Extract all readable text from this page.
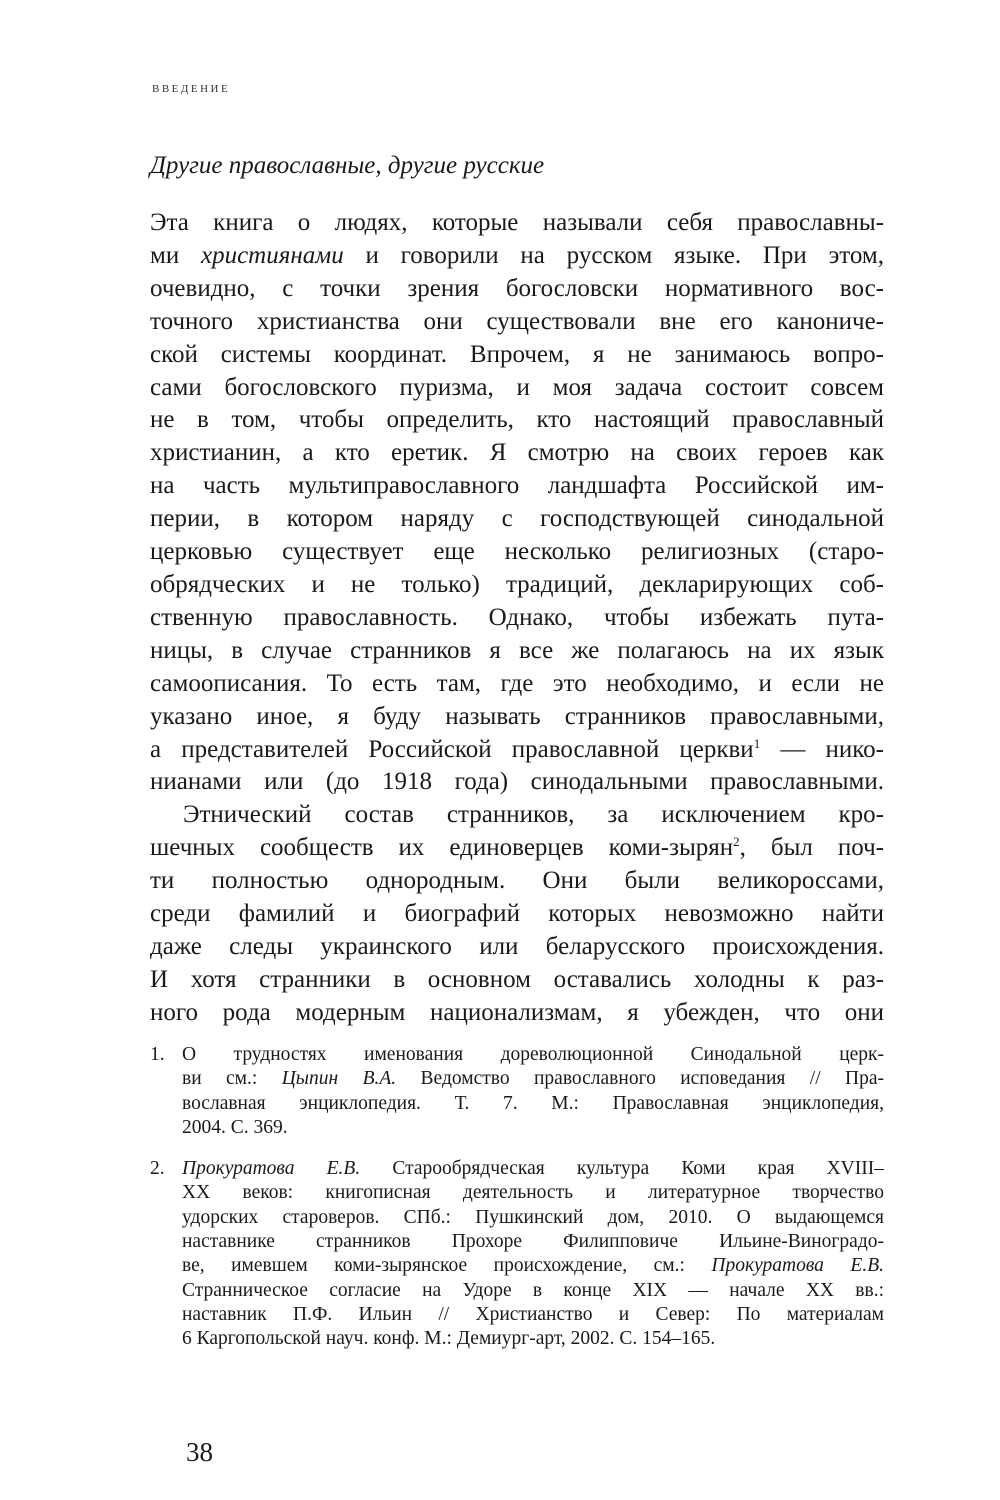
ВВЕДЕНИЕ
Другие православные, другие русские
Эта книга о людях, которые называли себя православны-
ми християнами и говорили на русском языке. При этом,
очевидно, с точки зрения богословски нормативного вос-
точного христианства они существовали вне его канониче-
ской системы координат. Впрочем, я не занимаюсь вопро-
сами богословского пуризма, и моя задача состоит совсем
не в том, чтобы определить, кто настоящий православный
христианин, а кто еретик. Я смотрю на своих героев как
на часть мультиправославного ландшафта Российской им-
перии, в котором наряду с господствующей синодальной
церковью существует еще несколько религиозных (старо-
обрядческих и не только) традиций, декларирующих соб-
ственную православность. Однако, чтобы избежать пута-
ницы, в случае странников я все же полагаюсь на их язык
самоописания. То есть там, где это необходимо, и если не
указано иное, я буду называть странников православными,
а представителей Российской православной церкви$^1$ — нико-
нианами или (до 1918 года) синодальными православными.
Этнический состав странников, за исключением кро-
шечных сообществ их единоверцев коми-зырян$^2$, был поч-
ти полностью однородным. Они были великороссами,
среди фамилий и биографий которых невозможно найти
даже следы украинского или беларусского происхождения.
И хотя странники в основном оставались холодны к раз-
ного рода модерным национализмам, я убежден, что они
1. О трудностях именования дореволюционной Синодальной церк-
ви см.: Цыпин В.А. Ведомство православного исповедания // Пра-
вославная энциклопедия. Т. 7. М.: Православная энциклопедия,
2004. С. 369.
2. Прокуратова Е.В. Старообрядческая культура Коми края XVIII–
XX веков: книгописная деятельность и литературное творчество
удорских староверов. СПб.: Пушкинский дом, 2010. О выдающемся
наставнике странников Прохоре Филипповиче Ильине-Виноградо-
ве, имевшем коми-зырянское происхождение, см.: Прокуратова Е.В.
Странническое согласие на Удоре в конце XIX — начале XX вв.:
наставник П.Ф. Ильин // Христианство и Север: По материалам
6 Каргопольской науч. конф. М.: Демиург-арт, 2002. С. 154–165.
38
